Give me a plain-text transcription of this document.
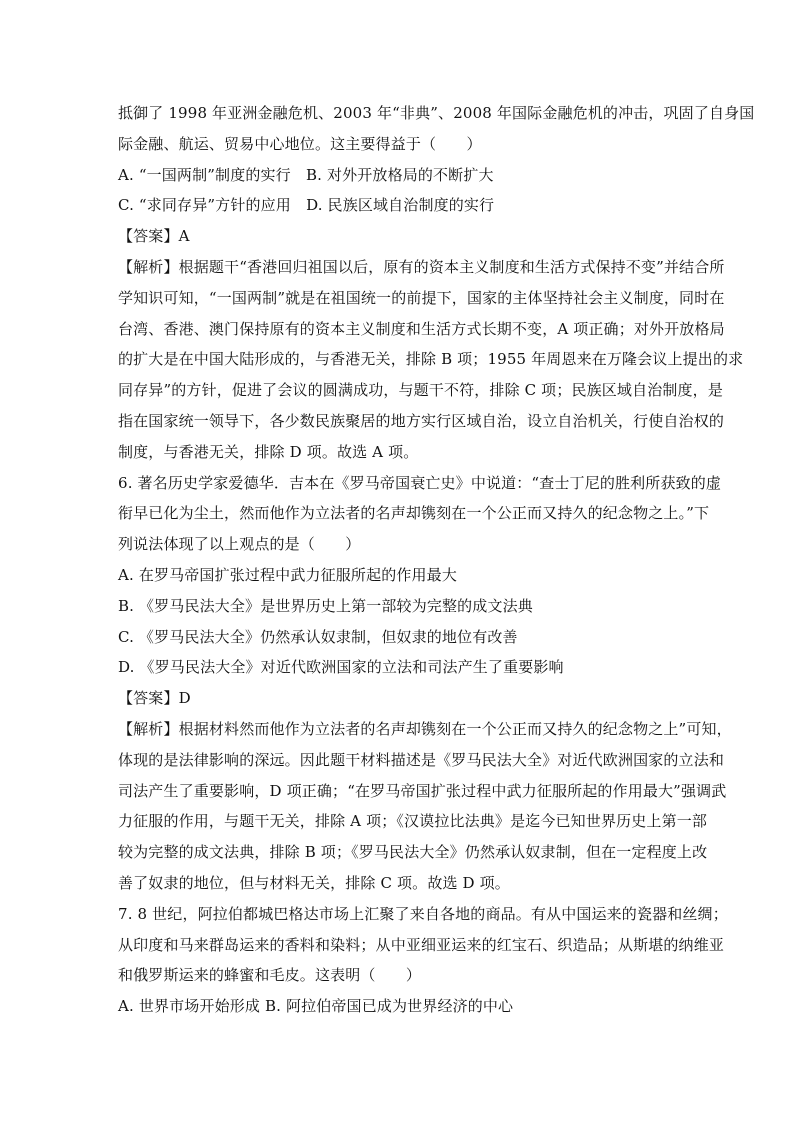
抵御了 1998 年亚洲金融危机、2003 年“非典”、2008 年国际金融危机的冲击，巩固了自身国
际金融、航运、贸易中心地位。这主要得益于（　　）
A. “一国两制”制度的实行　B. 对外开放格局的不断扩大
C. “求同存异”方针的应用　D. 民族区域自治制度的实行
【答案】A
【解析】根据题干“香港回归祖国以后，原有的资本主义制度和生活方式保持不变”并结合所
学知识可知，“一国两制”就是在祖国统一的前提下，国家的主体坚持社会主义制度，同时在
台湾、香港、澳门保持原有的资本主义制度和生活方式长期不变，A 项正确；对外开放格局
的扩大是在中国大陆形成的，与香港无关，排除 B 项；1955 年周恩来在万隆会议上提出的求
同存异”的方针，促进了会议的圆满成功，与题干不符，排除 C 项；民族区域自治制度，是
指在国家统一领导下，各少数民族聚居的地方实行区域自治，设立自治机关，行使自治权的
制度，与香港无关，排除 D 项。故选 A 项。
6. 著名历史学家爱德华．吉本在《罗马帝国衰亡史》中说道：“查士丁尼的胜利所获致的虚
衔早已化为尘土，然而他作为立法者的名声却镌刻在一个公正而又持久的纪念物之上。”下
列说法体现了以上观点的是（　　）
A. 在罗马帝国扩张过程中武力征服所起的作用最大
B. 《罗马民法大全》是世界历史上第一部较为完整的成文法典
C. 《罗马民法大全》仍然承认奴隶制，但奴隶的地位有改善
D. 《罗马民法大全》对近代欧洲国家的立法和司法产生了重要影响
【答案】D
【解析】根据材料然而他作为立法者的名声却镌刻在一个公正而又持久的纪念物之上”可知，
体现的是法律影响的深远。因此题干材料描述是《罗马民法大全》对近代欧洲国家的立法和
司法产生了重要影响，D 项正确；“在罗马帝国扩张过程中武力征服所起的作用最大”强调武
力征服的作用，与题干无关，排除 A 项；《汉谟拉比法典》是迄今已知世界历史上第一部
较为完整的成文法典，排除 B 项；《罗马民法大全》仍然承认奴隶制，但在一定程度上改
善了奴隶的地位，但与材料无关，排除 C 项。故选 D 项。
7. 8 世纪，阿拉伯都城巴格达市场上汇聚了来自各地的商品。有从中国运来的瓷器和丝绸；
从印度和马来群岛运来的香料和染料；从中亚细亚运来的红宝石、织造品；从斯堪的纳维亚
和俄罗斯运来的蜂蜜和毛皮。这表明（　　）
A. 世界市场开始形成 B. 阿拉伯帝国已成为世界经济的中心
